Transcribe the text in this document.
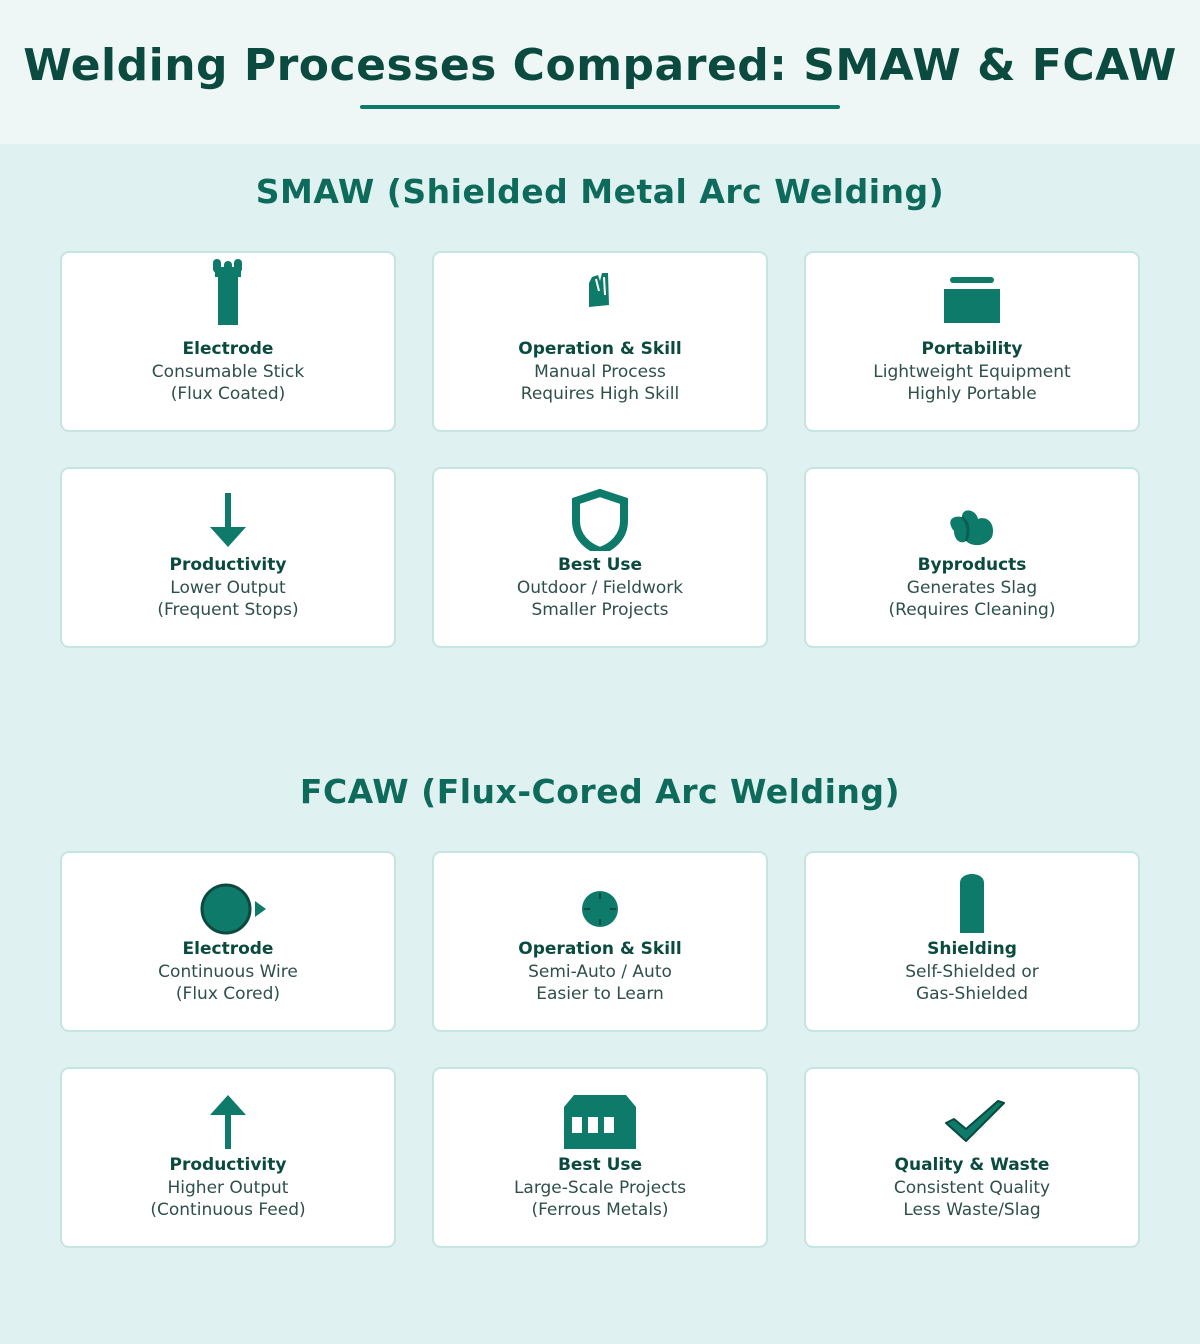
Welding Processes Compared: SMAW & FCAW
SMAW (Shielded Metal Arc Welding)
Electrode
Consumable Stick
(Flux Coated)
Operation & Skill
Manual Process
Requires High Skill
Portability
Lightweight Equipment
Highly Portable
Productivity
Lower Output
(Frequent Stops)
Best Use
Outdoor / Fieldwork
Smaller Projects
Byproducts
Generates Slag
(Requires Cleaning)
FCAW (Flux-Cored Arc Welding)
Electrode
Continuous Wire
(Flux Cored)
Operation & Skill
Semi-Auto / Auto
Easier to Learn
Shielding
Self-Shielded or
Gas-Shielded
Productivity
Higher Output
(Continuous Feed)
Best Use
Large-Scale Projects
(Ferrous Metals)
Quality & Waste
Consistent Quality
Less Waste/Slag
